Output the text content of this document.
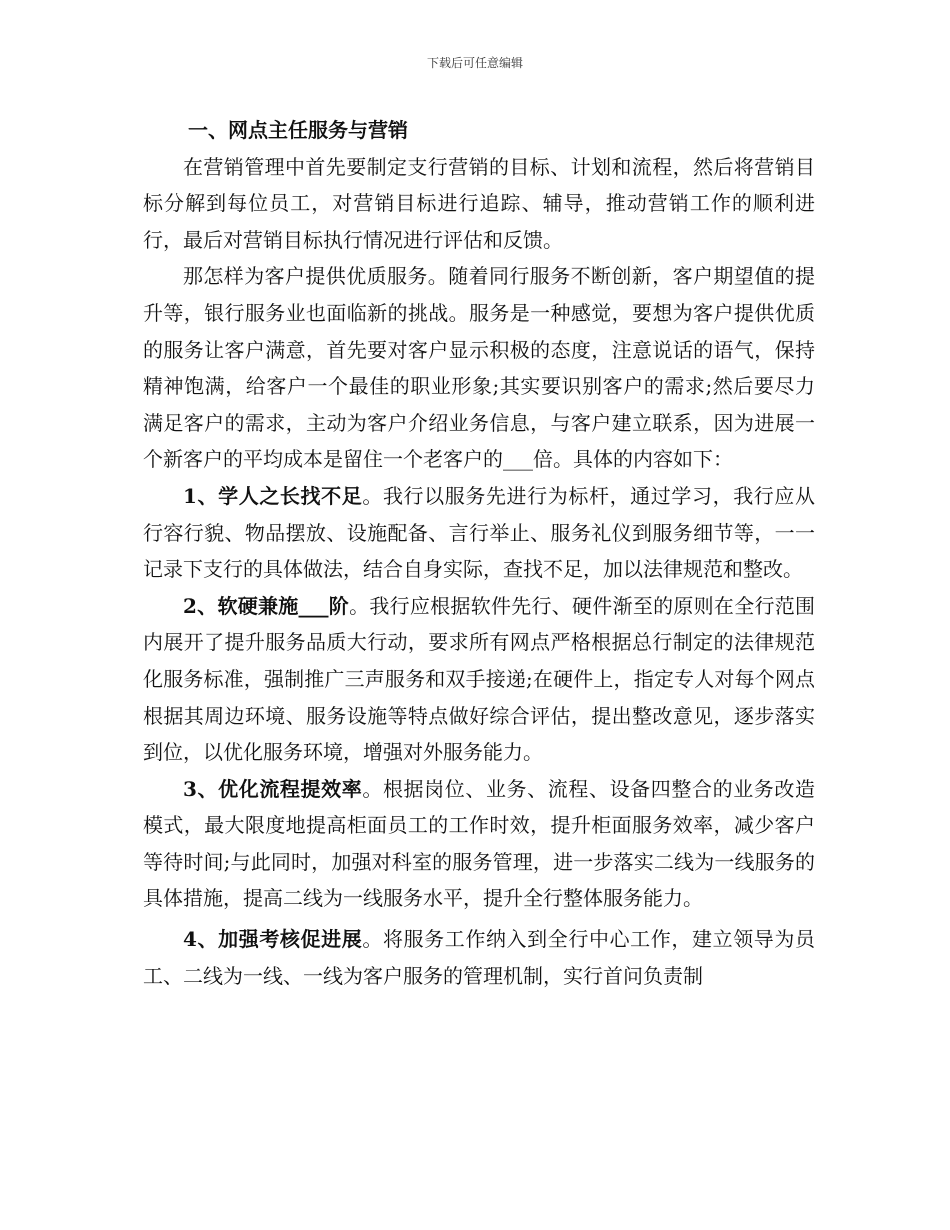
下载后可任意编辑

一、网点主任服务与营销

在营销管理中首先要制定支行营销的目标、计划和流程，然后将营销目标分解到每位员工，对营销目标进行追踪、辅导，推动营销工作的顺利进行，最后对营销目标执行情况进行评估和反馈。

那怎样为客户提供优质服务。随着同行服务不断创新，客户期望值的提升等，银行服务业也面临新的挑战。服务是一种感觉，要想为客户提供优质的服务让客户满意，首先要对客户显示积极的态度，注意说话的语气，保持精神饱满，给客户一个最佳的职业形象;其实要识别客户的需求;然后要尽力满足客户的需求，主动为客户介绍业务信息，与客户建立联系，因为进展一个新客户的平均成本是留住一个老客户的___倍。具体的内容如下：

1、学人之长找不足。我行以服务先进行为标杆，通过学习，我行应从行容行貌、物品摆放、设施配备、言行举止、服务礼仪到服务细节等，一一记录下支行的具体做法，结合自身实际，查找不足，加以法律规范和整改。

2、软硬兼施___阶。我行应根据软件先行、硬件渐至的原则在全行范围内展开了提升服务品质大行动，要求所有网点严格根据总行制定的法律规范化服务标准，强制推广三声服务和双手接递;在硬件上，指定专人对每个网点根据其周边环境、服务设施等特点做好综合评估，提出整改意见，逐步落实到位，以优化服务环境，增强对外服务能力。

3、优化流程提效率。根据岗位、业务、流程、设备四整合的业务改造模式，最大限度地提高柜面员工的工作时效，提升柜面服务效率，减少客户等待时间;与此同时，加强对科室的服务管理，进一步落实二线为一线服务的具体措施，提高二线为一线服务水平，提升全行整体服务能力。

4、加强考核促进展。将服务工作纳入到全行中心工作，建立领导为员工、二线为一线、一线为客户服务的管理机制，实行首问负责制
